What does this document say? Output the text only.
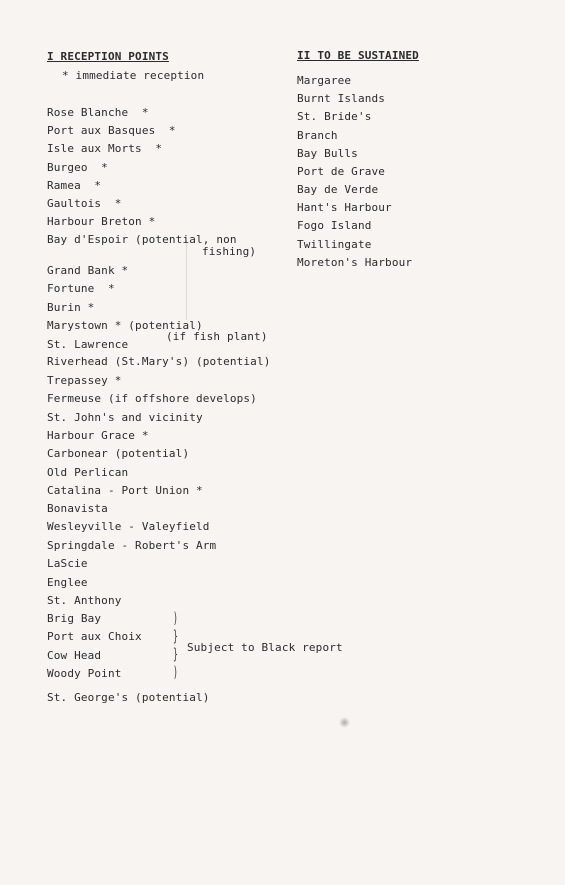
I RECEPTION POINTS
* immediate reception
Rose Blanche  *
Port aux Basques  *
Isle aux Morts  *
Burgeo  *
Ramea  *
Gaultois  *
Harbour Breton *
Bay d'Espoir (potential, non
fishing)
Grand Bank *
Fortune  *
Burin *
Marystown * (potential)
(if fish plant)
St. Lawrence
Riverhead (St.Mary's) (potential)
Trepassey *
Fermeuse (if offshore develops)
St. John's and vicinity
Harbour Grace *
Carbonear (potential)
Old Perlican
Catalina - Port Union *
Bonavista
Wesleyville - Valeyfield
Springdale - Robert's Arm
LaScie
Englee
St. Anthony
Brig Bay
Port aux Choix
Cow Head
Woody Point
)
}
}
)
Subject to Black report
St. George's (potential)
II TO BE SUSTAINED
Margaree
Burnt Islands
St. Bride's
Branch
Bay Bulls
Port de Grave
Bay de Verde
Hant's Harbour
Fogo Island
Twillingate
Moreton's Harbour
